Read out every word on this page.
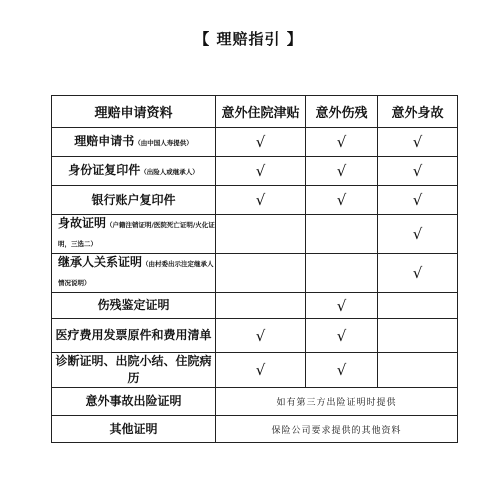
【 理赔指引 】
理赔申请资料	意外住院津贴	意外伤残	意外身故
理赔申请书（由中国人寿提供）	√	√	√
身份证复印件（出险人或继承人）	√	√	√
银行账户复印件	√	√	√
身故证明（户籍注销证明/医院死亡证明/火化证明，三选二）			√
继承人关系证明（由村委出示注定继承人情况说明）			√
伤残鉴定证明		√	
医疗费用发票原件和费用清单	√	√	
诊断证明、出院小结、住院病历	√	√	
意外事故出险证明	如有第三方出险证明时提供		
其他证明	保险公司要求提供的其他资料		
